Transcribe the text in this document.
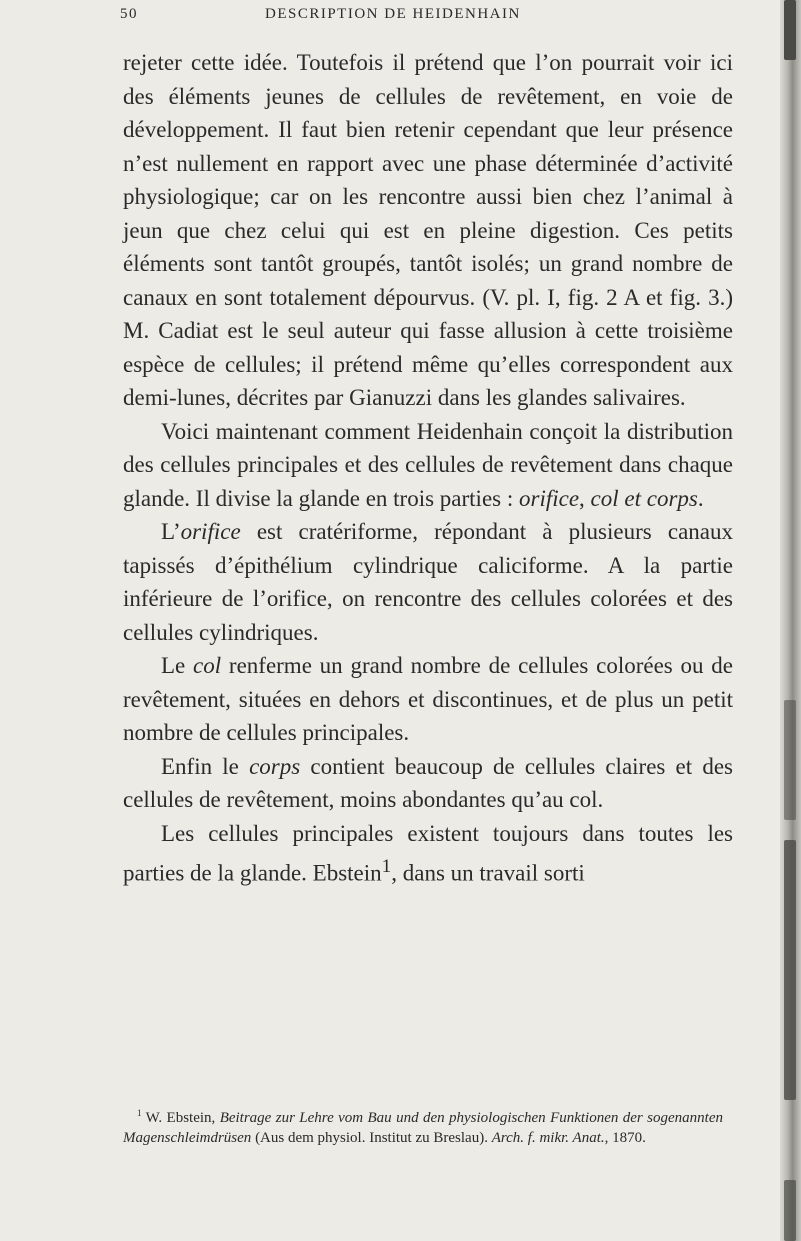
50	DESCRIPTION DE HEIDENHAIN

rejeter cette idée. Toutefois il prétend que l’on pourrait voir ici des éléments jeunes de cellules de revêtement, en voie de développement. Il faut bien retenir cependant que leur présence n’est nullement en rapport avec une phase déterminée d’activité physiologique; car on les rencontre aussi bien chez l’animal à jeun que chez celui qui est en pleine digestion. Ces petits éléments sont tantôt groupés, tantôt isolés; un grand nombre de canaux en sont totalement dépourvus. (V. pl. I, fig. 2 A et fig. 3.) M. Cadiat est le seul auteur qui fasse allusion à cette troisième espèce de cellules; il prétend même qu’elles correspondent aux demi-lunes, décrites par Gianuzzi dans les glandes salivaires.

Voici maintenant comment Heidenhain conçoit la distribution des cellules principales et des cellules de revêtement dans chaque glande. Il divise la glande en trois parties : orifice, col et corps.

L’orifice est cratériforme, répondant à plusieurs canaux tapissés d’épithélium cylindrique caliciforme. A la partie inférieure de l’orifice, on rencontre des cellules colorées et des cellules cylindriques.

Le col renferme un grand nombre de cellules colorées ou de revêtement, situées en dehors et discontinues, et de plus un petit nombre de cellules principales.

Enfin le corps contient beaucoup de cellules claires et des cellules de revêtement, moins abondantes qu’au col.

Les cellules principales existent toujours dans toutes les parties de la glande. Ebstein$^1$, dans un travail sorti

$^1$ W. Ebstein, Beitrage zur Lehre vom Bau und den physiologischen Funktionen der sogenannten Magenschleimdrüsen (Aus dem physiol. Institut zu Breslau). Arch. f. mikr. Anat., 1870.
